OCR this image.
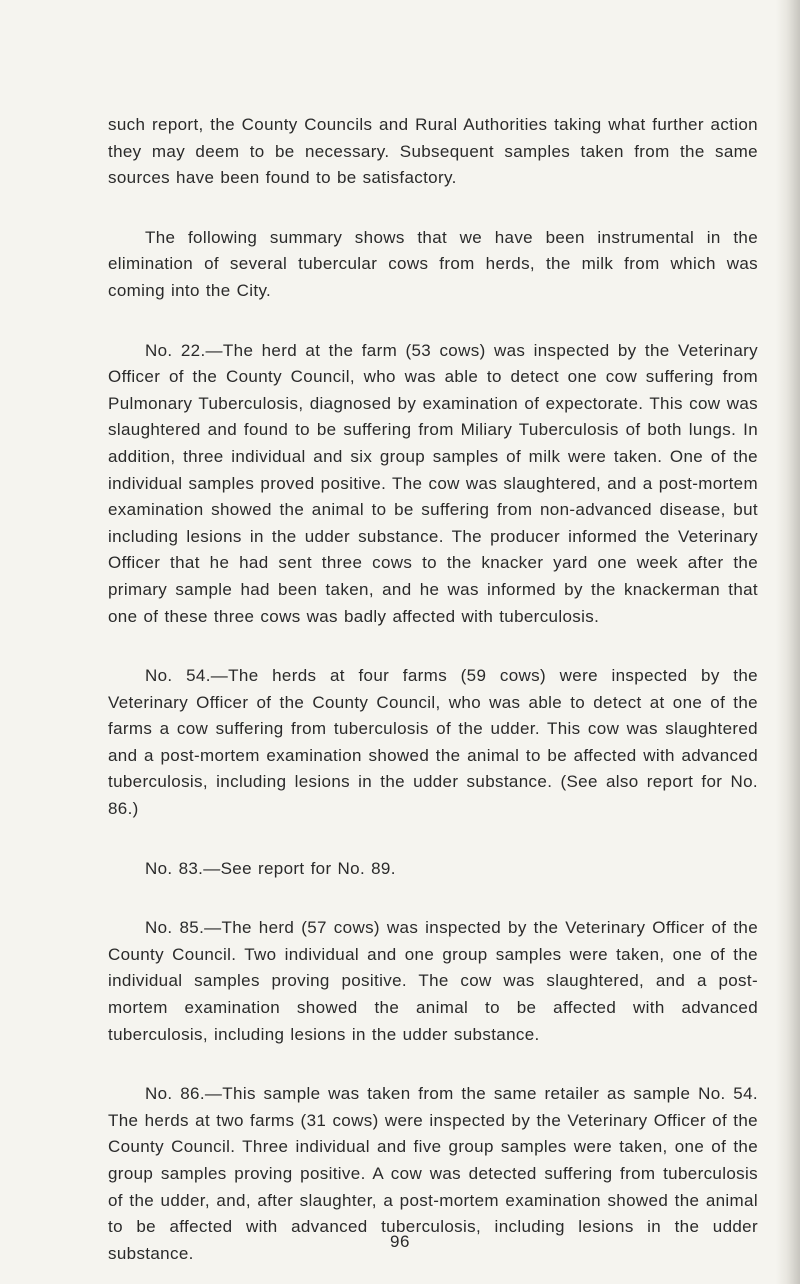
such report, the County Councils and Rural Authorities taking what further action they may deem to be necessary. Subsequent samples taken from the same sources have been found to be satisfactory.

The following summary shows that we have been instrumental in the elimination of several tubercular cows from herds, the milk from which was coming into the City.

No. 22.—The herd at the farm (53 cows) was inspected by the Veterinary Officer of the County Council, who was able to detect one cow suffering from Pulmonary Tuberculosis, diagnosed by examination of expectorate. This cow was slaughtered and found to be suffering from Miliary Tuberculosis of both lungs. In addition, three individual and six group samples of milk were taken. One of the individual samples proved positive. The cow was slaughtered, and a post-mortem examination showed the animal to be suffering from non-advanced disease, but including lesions in the udder substance. The producer informed the Veterinary Officer that he had sent three cows to the knacker yard one week after the primary sample had been taken, and he was informed by the knackerman that one of these three cows was badly affected with tuberculosis.

No. 54.—The herds at four farms (59 cows) were inspected by the Veterinary Officer of the County Council, who was able to detect at one of the farms a cow suffering from tuberculosis of the udder. This cow was slaughtered and a post-mortem examination showed the animal to be affected with advanced tuberculosis, including lesions in the udder substance. (See also report for No. 86.)

No. 83.—See report for No. 89.

No. 85.—The herd (57 cows) was inspected by the Veterinary Officer of the County Council. Two individual and one group samples were taken, one of the individual samples proving positive. The cow was slaughtered, and a post-mortem examination showed the animal to be affected with advanced tuberculosis, including lesions in the udder substance.

No. 86.—This sample was taken from the same retailer as sample No. 54. The herds at two farms (31 cows) were inspected by the Veterinary Officer of the County Council. Three individual and five group samples were taken, one of the group samples proving positive. A cow was detected suffering from tuberculosis of the udder, and, after slaughter, a post-mortem examination showed the animal to be affected with advanced tuberculosis, including lesions in the udder substance.

96
